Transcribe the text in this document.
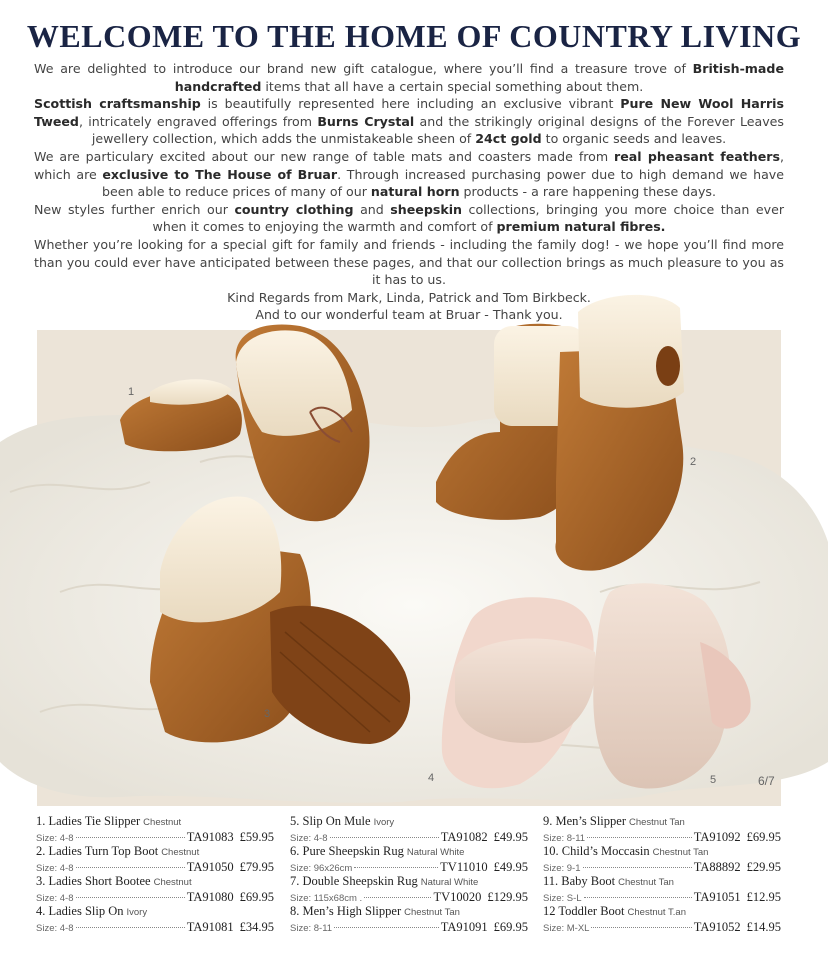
WELCOME TO THE HOME OF COUNTRY LIVING

We are delighted to introduce our brand new gift catalogue, where you’ll find a treasure trove of British-made handcrafted items that all have a certain special something about them.

Scottish craftsmanship is beautifully represented here including an exclusive vibrant Pure New Wool Harris Tweed, intricately engraved offerings from Burns Crystal and the strikingly original designs of the Forever Leaves jewellery collection, which adds the unmistakeable sheen of 24ct gold to organic seeds and leaves.

We are particulary excited about our new range of table mats and coasters made from real pheasant feathers, which are exclusive to The House of Bruar. Through increased purchasing power due to high demand we have been able to reduce prices of many of our natural horn products - a rare happening these days.

New styles further enrich our country clothing and sheepskin collections, bringing you more choice than ever when it comes to enjoying the warmth and comfort of premium natural fibres.

Whether you’re looking for a special gift for family and friends - including the family dog! - we hope you’ll find more than you could ever have anticipated between these pages, and that our collection brings as much pleasure to you as it has to us.

Kind Regards from Mark, Linda, Patrick and Tom Birkbeck.

And to our wonderful team at Bruar - Thank you.

1
2
3
4	5	6/7
1. Ladies Tie Slipper Chestnut
Size: 4-8	TA91083 £59.95
2. Ladies Turn Top Boot Chestnut
Size: 4-8	TA91050 £79.95
3. Ladies Short Bootee Chestnut
Size: 4-8	TA91080 £69.95
4. Ladies Slip On Ivory
Size: 4-8	TA91081 £34.95
5. Slip On Mule Ivory
Size: 4-8	TA91082 £49.95
6. Pure Sheepskin Rug Natural White
Size: 96x26cm	TV11010 £49.95
7. Double Sheepskin Rug Natural White
Size: 115x68cm .	TV10020 £129.95
8. Men’s High Slipper Chestnut Tan
Size: 8-11	TA91091 £69.95
9. Men’s Slipper Chestnut Tan
Size: 8-11	TA91092 £69.95
10. Child’s Moccasin Chestnut Tan
Size: 9-1	TA88892 £29.95
11. Baby Boot Chestnut Tan
Size: S-L	TA91051 £12.95
12 Toddler Boot Chestnut T.an
Size: M-XL	TA91052 £14.95
